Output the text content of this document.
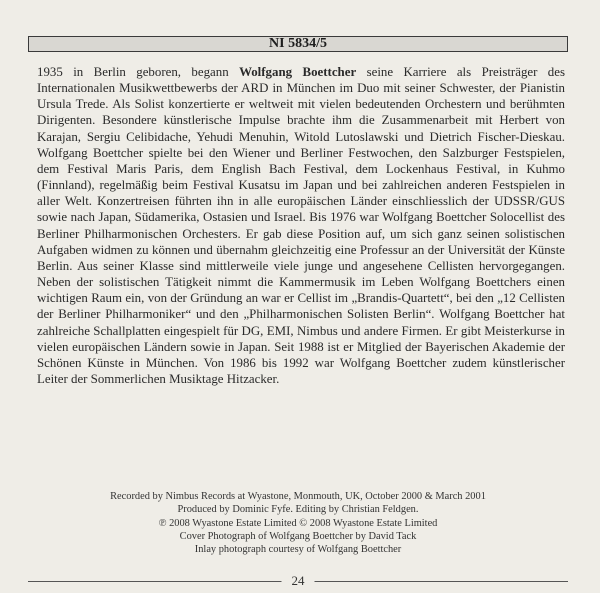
NI 5834/5

1935 in Berlin geboren, begann Wolfgang Boettcher seine Karriere als Preisträger des Internationalen Musikwettbewerbs der ARD in München im Duo mit seiner Schwester, der Pianistin Ursula Trede. Als Solist konzertierte er weltweit mit vielen bedeutenden Orchestern und berühmten Dirigenten. Besondere künstlerische Impulse brachte ihm die Zusammenarbeit mit Herbert von Karajan, Sergiu Celibidache, Yehudi Menuhin, Witold Lutoslawski und Dietrich Fischer-Dieskau. Wolfgang Boettcher spielte bei den Wiener und Berliner Festwochen, den Salzburger Festspielen, dem Festival Maris Paris, dem English Bach Festival, dem Lockenhaus Festival, in Kuhmo (Finnland), regelmäßig beim Festival Kusatsu im Japan und bei zahlreichen anderen Festspielen in aller Welt. Konzertreisen führten ihn in alle europäischen Länder einschliesslich der UDSSR/GUS sowie nach Japan, Südamerika, Ostasien und Israel. Bis 1976 war Wolfgang Boettcher Solocellist des Berliner Philharmonischen Orchesters. Er gab diese Position auf, um sich ganz seinen solistischen Aufgaben widmen zu können und übernahm gleichzeitig eine Professur an der Universität der Künste Berlin. Aus seiner Klasse sind mittlerweile viele junge und angesehene Cellisten hervorgegangen. Neben der solistischen Tätigkeit nimmt die Kammermusik im Leben Wolfgang Boettchers einen wichtigen Raum ein, von der Gründung an war er Cellist im „Brandis-Quartett“, bei den „12 Cellisten der Berliner Philharmoniker“ und den „Philharmonischen Solisten Berlin“. Wolfgang Boettcher hat zahlreiche Schallplatten eingespielt für DG, EMI, Nimbus und andere Firmen. Er gibt Meisterkurse in vielen europäischen Ländern sowie in Japan. Seit 1988 ist er Mitglied der Bayerischen Akademie der Schönen Künste in München. Von 1986 bis 1992 war Wolfgang Boettcher zudem künstlerischer Leiter der Sommerlichen Musiktage Hitzacker.

Recorded by Nimbus Records at Wyastone, Monmouth, UK, October 2000 & March 2001
Produced by Dominic Fyfe. Editing by Christian Feldgen.
℗ 2008 Wyastone Estate Limited © 2008 Wyastone Estate Limited
Cover Photograph of Wolfgang Boettcher by David Tack
Inlay photograph courtesy of Wolfgang Boettcher
24
